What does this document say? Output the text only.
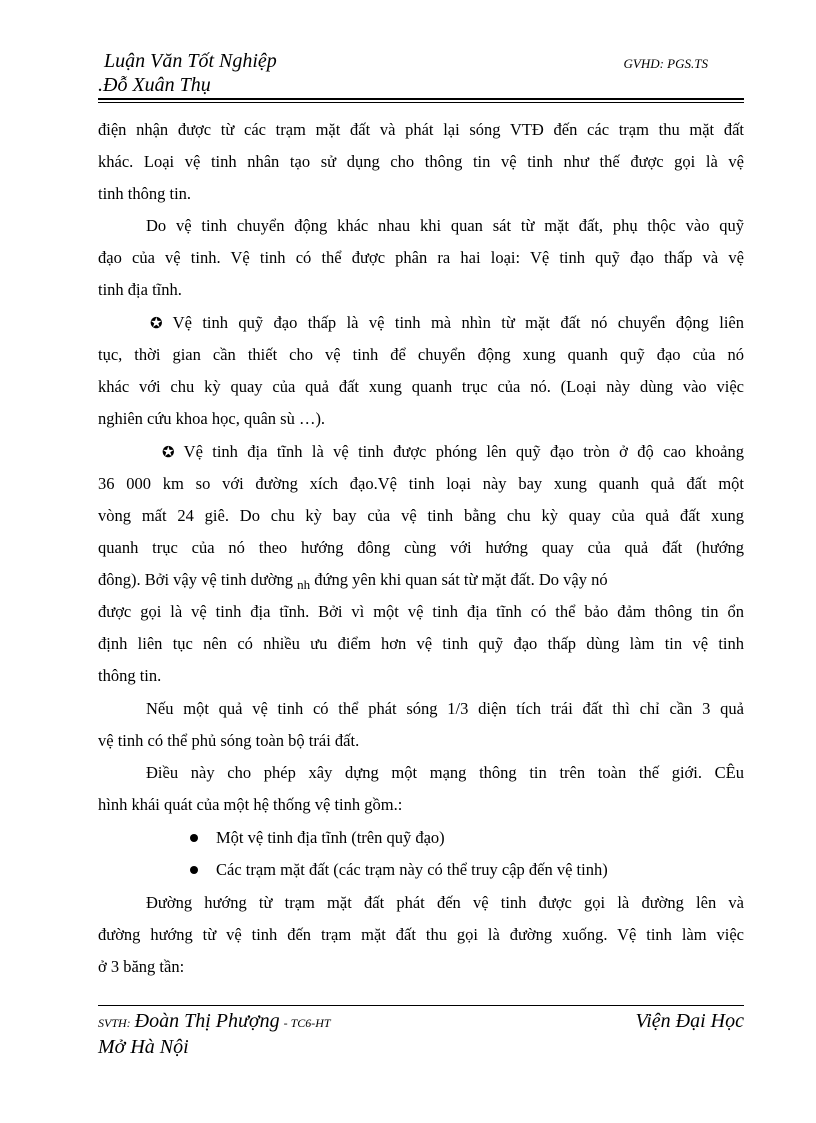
Luận Văn Tốt Nghiệp
.Đỗ Xuân Thụ
GVHD: PGS.TS
điện nhận được từ các trạm mặt đất và phát lại sóng VTĐ đến các trạm thu mặt đất
khác. Loại vệ tinh nhân tạo sử dụng cho thông tin vệ tinh như thế được gọi là vệ
tinh thông tin.
Do vệ tinh chuyển động khác nhau khi quan sát từ mặt đất, phụ thộc vào quỹ
đạo của vệ tinh. Vệ tinh có thể được phân ra hai loại: Vệ tinh quỹ đạo thấp và vệ
tinh địa tĩnh.
✪ Vệ tinh quỹ đạo thấp là vệ tinh mà nhìn từ mặt đất nó chuyển động liên
tục, thời gian cần thiết cho vệ tinh để chuyển động xung quanh quỹ đạo của nó
khác với chu kỳ quay của quả đất xung quanh trục của nó. (Loại này dùng vào việc
nghiên cứu khoa học, quân sù …).
✪ Vệ tinh địa tĩnh là vệ tinh được phóng lên quỹ đạo tròn ở độ cao khoảng
36 000 km so với đường xích đạo.Vệ tinh loại này bay xung quanh quả đất một
vòng mất 24 giê. Do chu kỳ bay của vệ tinh bằng chu kỳ quay của quả đất xung
quanh trục của nó theo hướng đông cùng với hướng quay của quả đất (hướng
đông). Bởi vậy vệ tinh dường $_{nh}$ đứng yên khi quan sát từ mặt đất. Do vậy nó
được gọi là vệ tinh địa tĩnh. Bởi vì một vệ tinh địa tĩnh có thể bảo đảm thông tin ổn
định liên tục nên có nhiều ưu điểm hơn vệ tinh quỹ đạo thấp dùng làm tin vệ tinh
thông tin.
Nếu một quả vệ tinh có thể phát sóng 1/3 diện tích trái đất thì chỉ cần 3 quả
vệ tinh có thể phủ sóng toàn bộ trái đất.
Điều này cho phép xây dựng một mạng thông tin trên toàn thế giới. CÊu
hình khái quát của một hệ thống vệ tinh gồm.:
Một vệ tinh địa tĩnh (trên quỹ đạo)
Các trạm mặt đất (các trạm này có thể truy cập đến vệ tinh)
Đường hướng từ trạm mặt đất phát đến vệ tinh được gọi là đường lên và
đường hướng từ vệ tinh đến trạm mặt đất thu gọi là đường xuống. Vệ tinh làm việc
ở 3 băng tần:
SVTH: Đoàn Thị Phượng - TC6-HT	Viện Đại Học
Mở Hà Nội
